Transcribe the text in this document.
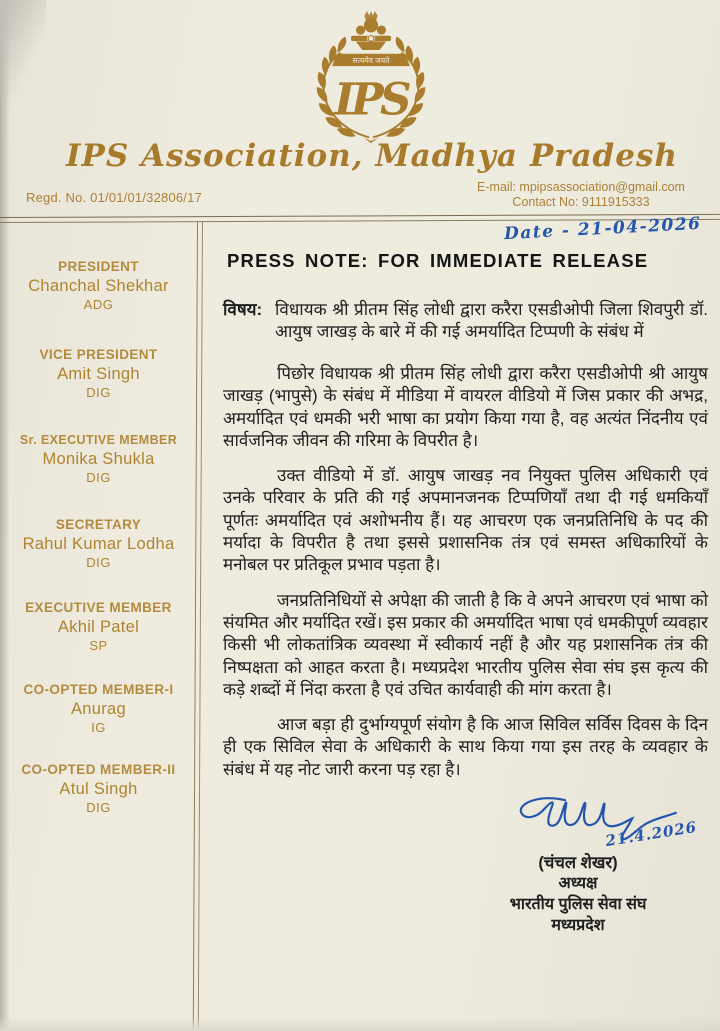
सत्यमेव जयते
IPS
IPS Association, Madhya Pradesh
Regd. No. 01/01/01/32806/17
E-mail: mpipsassociation@gmail.com
Contact No: 9111915333
Date - 21-04-2026
PRESIDENT
Chanchal Shekhar
ADG
VICE PRESIDENT
Amit Singh
DIG
Sr. EXECUTIVE MEMBER
Monika Shukla
DIG
SECRETARY
Rahul Kumar Lodha
DIG
EXECUTIVE MEMBER
Akhil Patel
SP
CO-OPTED MEMBER-I
Anurag
IG
CO-OPTED MEMBER-II
Atul Singh
DIG
PRESS NOTE: FOR IMMEDIATE RELEASE
विषय: विधायक श्री प्रीतम सिंह लोधी द्वारा करैरा एसडीओपी जिला शिवपुरी डॉ. आयुष जाखड़ के बारे में की गई अमर्यादित टिप्पणी के संबंध में

पिछोर विधायक श्री प्रीतम सिंह लोधी द्वारा करैरा एसडीओपी श्री आयुष जाखड़ (भापुसे) के संबंध में मीडिया में वायरल वीडियो में जिस प्रकार की अभद्र, अमर्यादित एवं धमकी भरी भाषा का प्रयोग किया गया है, वह अत्यंत निंदनीय एवं सार्वजनिक जीवन की गरिमा के विपरीत है।

उक्त वीडियो में डॉ. आयुष जाखड़ नव नियुक्त पुलिस अधिकारी एवं उनके परिवार के प्रति की गई अपमानजनक टिप्पणियाँ तथा दी गई धमकियाँ पूर्णतः अमर्यादित एवं अशोभनीय हैं। यह आचरण एक जनप्रतिनिधि के पद की मर्यादा के विपरीत है तथा इससे प्रशासनिक तंत्र एवं समस्त अधिकारियों के मनोबल पर प्रतिकूल प्रभाव पड़ता है।

जनप्रतिनिधियों से अपेक्षा की जाती है कि वे अपने आचरण एवं भाषा को संयमित और मर्यादित रखें। इस प्रकार की अमर्यादित भाषा एवं धमकीपूर्ण व्यवहार किसी भी लोकतांत्रिक व्यवस्था में स्वीकार्य नहीं है और यह प्रशासनिक तंत्र की निष्पक्षता को आहत करता है। मध्यप्रदेश भारतीय पुलिस सेवा संघ इस कृत्य की कड़े शब्दों में निंदा करता है एवं उचित कार्यवाही की मांग करता है।

आज बड़ा ही दुर्भाग्यपूर्ण संयोग है कि आज सिविल सर्विस दिवस के दिन ही एक सिविल सेवा के अधिकारी के साथ किया गया इस तरह के व्यवहार के संबंध में यह नोट जारी करना पड़ रहा है।

21.4.2026
(चंचल शेखर)
अध्यक्ष
भारतीय पुलिस सेवा संघ
मध्यप्रदेश
